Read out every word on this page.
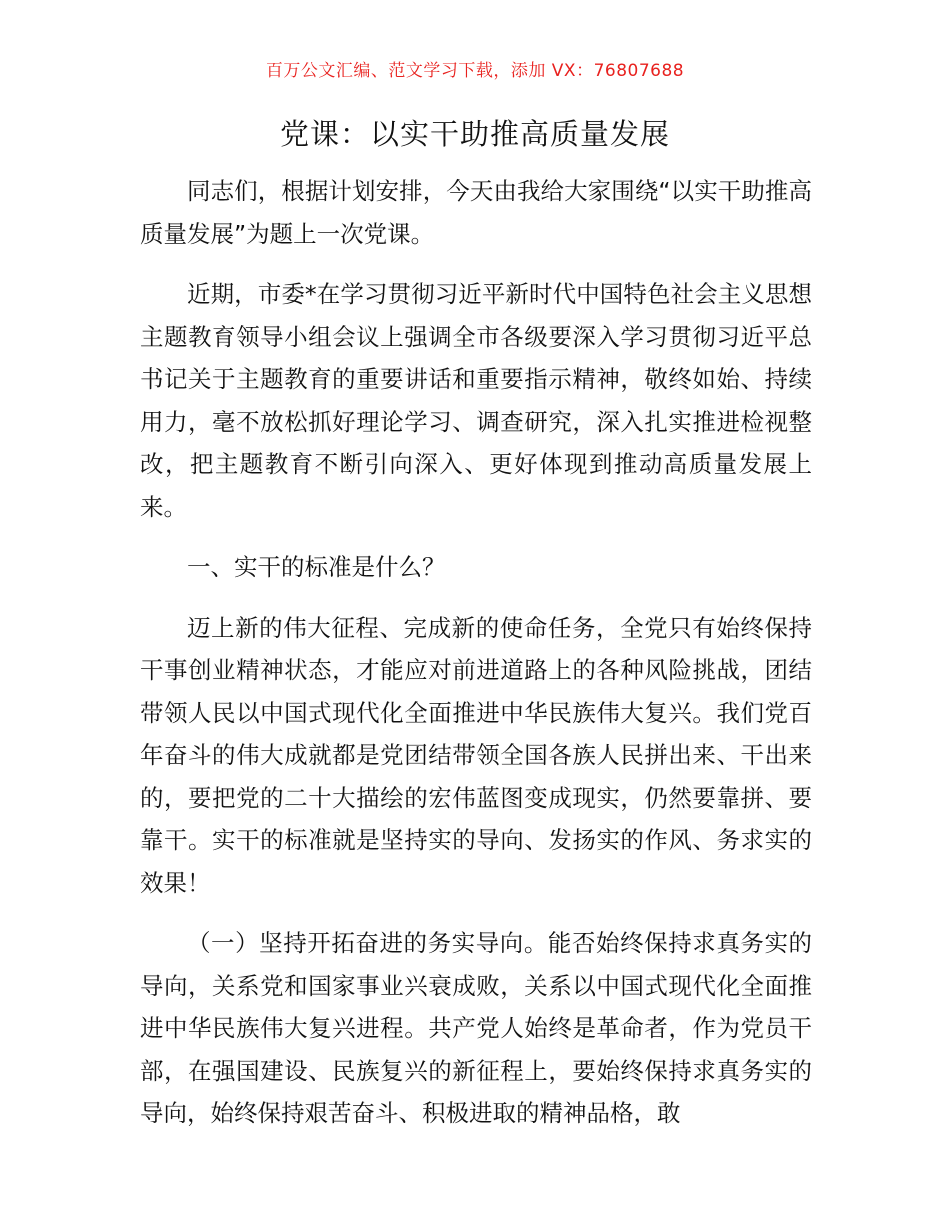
百万公文汇编、范文学习下载，添加 VX：76807688
党课：以实干助推高质量发展

同志们，根据计划安排，今天由我给大家围绕“以实干助推高质量发展”为题上一次党课。

近期，市委*在学习贯彻习近平新时代中国特色社会主义思想主题教育领导小组会议上强调全市各级要深入学习贯彻习近平总书记关于主题教育的重要讲话和重要指示精神，敬终如始、持续用力，毫不放松抓好理论学习、调查研究，深入扎实推进检视整改，把主题教育不断引向深入、更好体现到推动高质量发展上来。

一、实干的标准是什么？

迈上新的伟大征程、完成新的使命任务，全党只有始终保持干事创业精神状态，才能应对前进道路上的各种风险挑战，团结带领人民以中国式现代化全面推进中华民族伟大复兴。我们党百年奋斗的伟大成就都是党团结带领全国各族人民拼出来、干出来的，要把党的二十大描绘的宏伟蓝图变成现实，仍然要靠拼、要靠干。实干的标准就是坚持实的导向、发扬实的作风、务求实的效果！

（一）坚持开拓奋进的务实导向。能否始终保持求真务实的导向，关系党和国家事业兴衰成败，关系以中国式现代化全面推进中华民族伟大复兴进程。共产党人始终是革命者，作为党员干部，在强国建设、民族复兴的新征程上，要始终保持求真务实的导向，始终保持艰苦奋斗、积极进取的精神品格，敢
